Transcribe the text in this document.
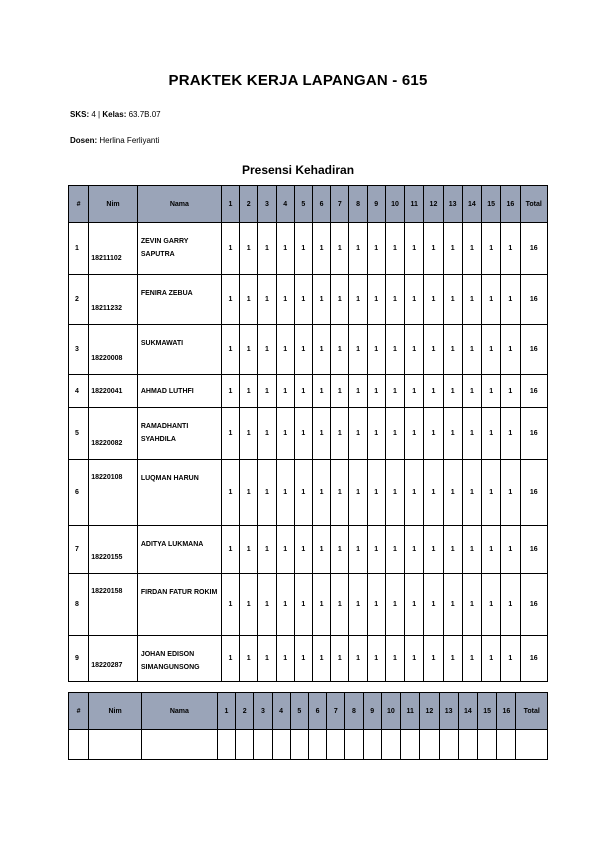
PRAKTEK KERJA LAPANGAN - 615
SKS: 4 | Kelas: 63.7B.07
Dosen: Herlina Ferliyanti
Presensi Kehadiran
#	Nim	Nama	1	2	3	4	5	6	7	8	9	10	11	12	13	14	15	16	Total
1	18211102	ZEVIN GARRY SAPUTRA	1	1	1	1	1	1	1	1	1	1	1	1	1	1	1	1	16
2	18211232	FENIRA ZEBUA	1	1	1	1	1	1	1	1	1	1	1	1	1	1	1	1	16
3	18220008	SUKMAWATI	1	1	1	1	1	1	1	1	1	1	1	1	1	1	1	1	16
4	18220041	AHMAD LUTHFI	1	1	1	1	1	1	1	1	1	1	1	1	1	1	1	1	16
5	18220082	RAMADHANTI SYAHDILA	1	1	1	1	1	1	1	1	1	1	1	1	1	1	1	1	16
6	18220108	LUQMAN HARUN	1	1	1	1	1	1	1	1	1	1	1	1	1	1	1	1	16
7	18220155	ADITYA LUKMANA	1	1	1	1	1	1	1	1	1	1	1	1	1	1	1	1	16
8	18220158	FIRDAN FATUR ROKIM	1	1	1	1	1	1	1	1	1	1	1	1	1	1	1	1	16
9	18220287	JOHAN EDISON SIMANGUNSONG	1	1	1	1	1	1	1	1	1	1	1	1	1	1	1	1	16
#	Nim	Nama	1	2	3	4	5	6	7	8	9	10	11	12	13	14	15	16	Total
